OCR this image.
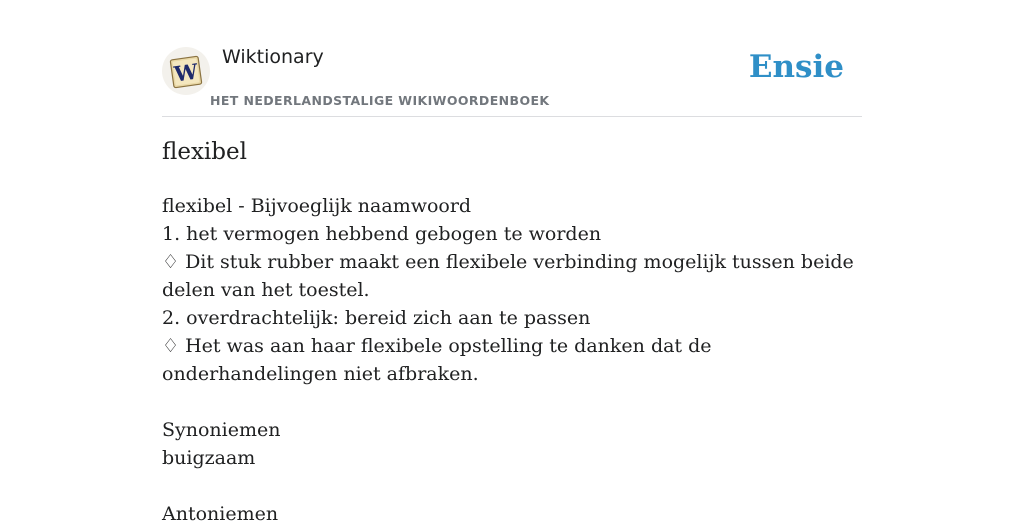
W
Wiktionary
HET NEDERLANDSTALIGE WIKIWOORDENBOEK
Ensie
flexibel
flexibel - Bijvoeglijk naamwoord
1. het vermogen hebbend gebogen te worden
♢ Dit stuk rubber maakt een flexibele verbinding mogelijk tussen beide delen van het toestel.
2. overdrachtelijk: bereid zich aan te passen
♢ Het was aan haar flexibele opstelling te danken dat de onderhandelingen niet afbraken.
Synoniemen
buigzaam
Antoniemen
